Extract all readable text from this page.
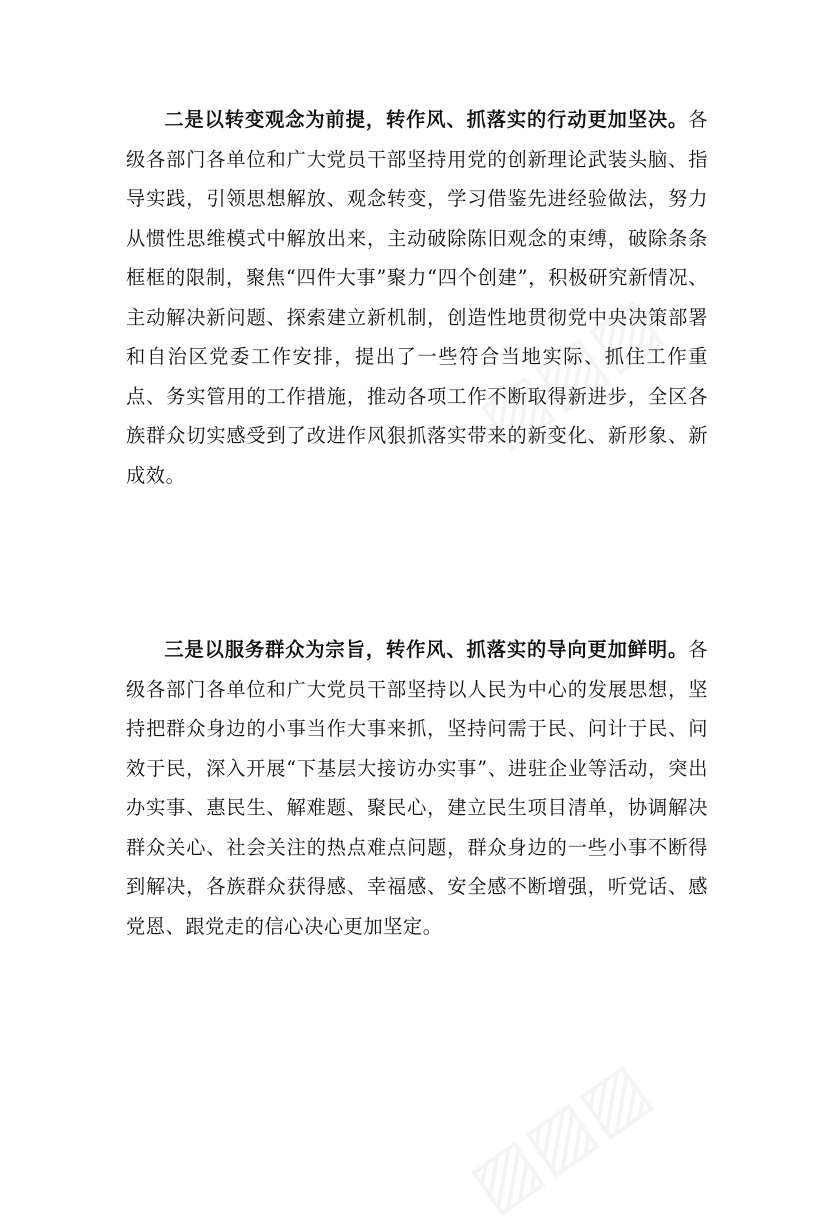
二是以转变观念为前提，转作风、抓落实的行动更加坚决。各级各部门各单位和广大党员干部坚持用党的创新理论武装头脑、指导实践，引领思想解放、观念转变，学习借鉴先进经验做法，努力从惯性思维模式中解放出来，主动破除陈旧观念的束缚，破除条条框框的限制，聚焦“四件大事”聚力“四个创建”，积极研究新情况、主动解决新问题、探索建立新机制，创造性地贯彻党中央决策部署和自治区党委工作安排，提出了一些符合当地实际、抓住工作重点、务实管用的工作措施，推动各项工作不断取得新进步，全区各族群众切实感受到了改进作风狠抓落实带来的新变化、新形象、新成效。

三是以服务群众为宗旨，转作风、抓落实的导向更加鲜明。各级各部门各单位和广大党员干部坚持以人民为中心的发展思想，坚持把群众身边的小事当作大事来抓，坚持问需于民、问计于民、问效于民，深入开展“下基层大接访办实事”、进驻企业等活动，突出办实事、惠民生、解难题、聚民心，建立民生项目清单，协调解决群众关心、社会关注的热点难点问题，群众身边的一些小事不断得到解决，各族群众获得感、幸福感、安全感不断增强，听党话、感党恩、跟党走的信心决心更加坚定。
